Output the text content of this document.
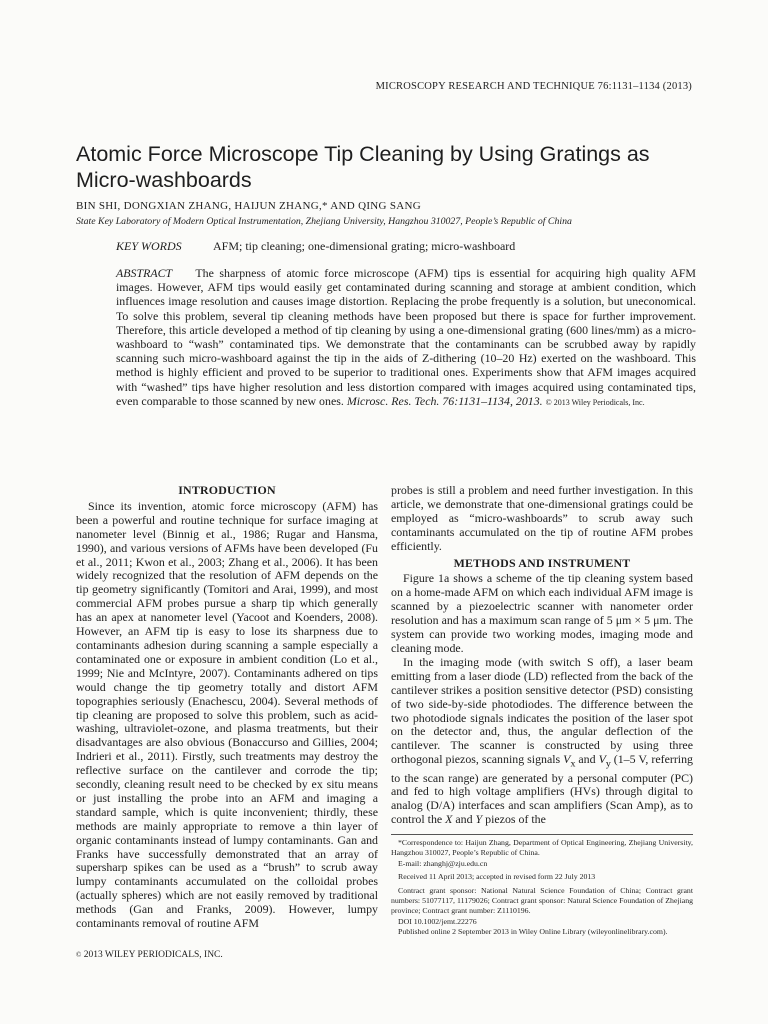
MICROSCOPY RESEARCH AND TECHNIQUE 76:1131–1134 (2013)
Atomic Force Microscope Tip Cleaning by Using Gratings as Micro-washboards
BIN SHI, DONGXIAN ZHANG, HAIJUN ZHANG,* AND QING SANG
State Key Laboratory of Modern Optical Instrumentation, Zhejiang University, Hangzhou 310027, People’s Republic of China
KEY WORDS	AFM; tip cleaning; one-dimensional grating; micro-washboard

ABSTRACT The sharpness of atomic force microscope (AFM) tips is essential for acquiring high quality AFM images. However, AFM tips would easily get contaminated during scanning and storage at ambient condition, which influences image resolution and causes image distortion. Replacing the probe frequently is a solution, but uneconomical. To solve this problem, several tip cleaning methods have been proposed but there is space for further improvement. Therefore, this article developed a method of tip cleaning by using a one-dimensional grating (600 lines/mm) as a micro-washboard to “wash” contaminated tips. We demonstrate that the contaminants can be scrubbed away by rapidly scanning such micro-washboard against the tip in the aids of Z-dithering (10–20 Hz) exerted on the washboard. This method is highly efficient and proved to be superior to traditional ones. Experiments show that AFM images acquired with “washed” tips have higher resolution and less distortion compared with images acquired using contaminated tips, even comparable to those scanned by new ones. Microsc. Res. Tech. 76:1131–1134, 2013. © 2013 Wiley Periodicals, Inc.

INTRODUCTION

Since its invention, atomic force microscopy (AFM) has been a powerful and routine technique for surface imaging at nanometer level (Binnig et al., 1986; Rugar and Hansma, 1990), and various versions of AFMs have been developed (Fu et al., 2011; Kwon et al., 2003; Zhang et al., 2006). It has been widely recognized that the resolution of AFM depends on the tip geometry significantly (Tomitori and Arai, 1999), and most commercial AFM probes pursue a sharp tip which generally has an apex at nanometer level (Yacoot and Koenders, 2008). However, an AFM tip is easy to lose its sharpness due to contaminants adhesion during scanning a sample especially a contaminated one or exposure in ambient condition (Lo et al., 1999; Nie and McIntyre, 2007). Contaminants adhered on tips would change the tip geometry totally and distort AFM topographies seriously (Enachescu, 2004). Several methods of tip cleaning are proposed to solve this problem, such as acid-washing, ultraviolet-ozone, and plasma treatments, but their disadvantages are also obvious (Bonaccurso and Gillies, 2004; Indrieri et al., 2011). Firstly, such treatments may destroy the reflective surface on the cantilever and corrode the tip; secondly, cleaning result need to be checked by ex situ means or just installing the probe into an AFM and imaging a standard sample, which is quite inconvenient; thirdly, these methods are mainly appropriate to remove a thin layer of organic contaminants instead of lumpy contaminants. Gan and Franks have successfully demonstrated that an array of supersharp spikes can be used as a “brush” to scrub away lumpy contaminants accumulated on the colloidal probes (actually spheres) which are not easily removed by traditional methods (Gan and Franks, 2009). However, lumpy contaminants removal of routine AFM

probes is still a problem and need further investigation. In this article, we demonstrate that one-dimensional gratings could be employed as “micro-washboards” to scrub away such contaminants accumulated on the tip of routine AFM probes efficiently.

METHODS AND INSTRUMENT

Figure 1a shows a scheme of the tip cleaning system based on a home-made AFM on which each individual AFM image is scanned by a piezoelectric scanner with nanometer order resolution and has a maximum scan range of 5 μm × 5 μm. The system can provide two working modes, imaging mode and cleaning mode.

In the imaging mode (with switch S off), a laser beam emitting from a laser diode (LD) reflected from the back of the cantilever strikes a position sensitive detector (PSD) consisting of two side-by-side photodiodes. The difference between the two photodiode signals indicates the position of the laser spot on the detector and, thus, the angular deflection of the cantilever. The scanner is constructed by using three orthogonal piezos, scanning signals $V_x$ and $V_y$ (1–5 V, referring to the scan range) are generated by a personal computer (PC) and fed to high voltage amplifiers (HVs) through digital to analog (D/A) interfaces and scan amplifiers (Scan Amp), as to control the X and Y piezos of the

*Correspondence to: Haijun Zhang, Department of Optical Engineering, Zhejiang University, Hangzhou 310027, People’s Republic of China.

E-mail: zhanghj@zju.edu.cn

Received 11 April 2013; accepted in revised form 22 July 2013

Contract grant sponsor: National Natural Science Foundation of China; Contract grant numbers: 51077117, 11179026; Contract grant sponsor: Natural Science Foundation of Zhejiang province; Contract grant number: Z1110196.

DOI 10.1002/jemt.22276

Published online 2 September 2013 in Wiley Online Library (wileyonlinelibrary.com).

© 2013 WILEY PERIODICALS, INC.
